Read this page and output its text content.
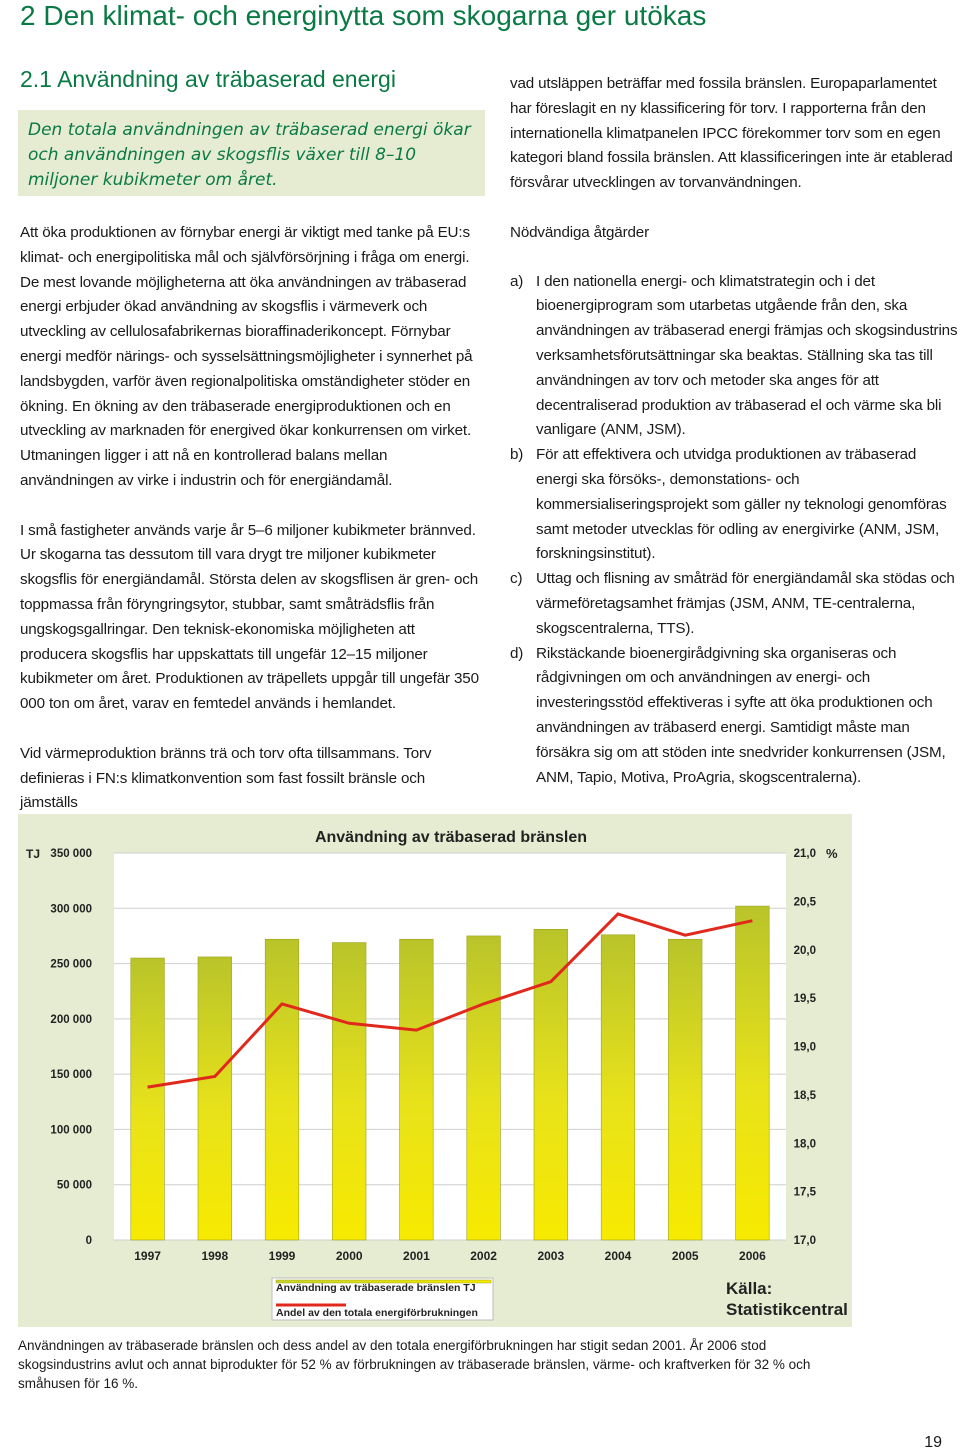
2 Den klimat- och energinytta som skogarna ger utökas
2.1 Användning av träbaserad energi

Den totala användningen av träbaserad energi ökar och användningen av skogsflis växer till 8–10 miljoner kubikmeter om året.

Att öka produktionen av förnybar energi är viktigt med tanke på EU:s klimat- och energipolitiska mål och självförsörjning i fråga om energi. De mest lovande möjligheterna att öka användningen av träbaserad energi erbjuder ökad användning av skogsflis i värmeverk och utveckling av cellulosafabrikernas bioraffinaderikoncept. Förnybar energi medför närings- och sysselsättningsmöjligheter i synnerhet på landsbygden, varför även regionalpolitiska omständigheter stöder en ökning. En ökning av den träbaserade energiproduktionen och en utveckling av marknaden för energived ökar konkurrensen om virket. Utmaningen ligger i att nå en kontrollerad balans mellan användningen av virke i industrin och för energiändamål.

I små fastigheter används varje år 5–6 miljoner kubikmeter brännved. Ur skogarna tas dessutom till vara drygt tre miljoner kubikmeter skogsflis för energiändamål. Största delen av skogsflisen är gren- och toppmassa från föryngringsytor, stubbar, samt småträdsflis från ungskogsgallringar. Den teknisk-ekonomiska möjligheten att producera skogsflis har uppskattats till ungefär 12–15 miljoner kubikmeter om året. Produktionen av träpellets uppgår till ungefär 350 000 ton om året, varav en femtedel används i hemlandet.

Vid värmeproduktion bränns trä och torv ofta tillsammans. Torv definieras i FN:s klimatkonvention som fast fossilt bränsle och jämställs

vad utsläppen beträffar med fossila bränslen. Europaparlamentet har föreslagit en ny klassificering för torv. I rapporterna från den internationella klimatpanelen IPCC förekommer torv som en egen kategori bland fossila bränslen. Att klassificeringen inte är etablerad försvårar utvecklingen av torvanvändningen.

Nödvändiga åtgärder

a) I den nationella energi- och klimatstrategin och i det bioenergiprogram som utarbetas utgående från den, ska användningen av träbaserad energi främjas och skogsindustrins verksamhetsförutsättningar ska beaktas. Ställning ska tas till användningen av torv och metoder ska anges för att decentraliserad produktion av träbaserad el och värme ska bli vanligare (ANM, JSM).
b) För att effektivera och utvidga produktionen av träbaserad energi ska försöks-, demonstations- och kommersialiseringsprojekt som gäller ny teknologi genomföras samt metoder utvecklas för odling av energivirke (ANM, JSM, forskningsinstitut).
c) Uttag och flisning av småträd för energiändamål ska stödas och värmeföretagsamhet främjas (JSM, ANM, TE-centralerna, skogscentralerna, TTS).
d) Rikstäckande bioenergirådgivning ska organiseras och rådgivningen om och användningen av energi- och investeringsstöd effektiveras i syfte att öka produktionen och användningen av träbaserd energi. Samtidigt måste man försäkra sig om att stöden inte snedvrider konkurrensen (JSM, ANM, Tapio, Motiva, ProAgria, skogscentralerna).
350 000
300 000
250 000
200 000
150 000
100 000
50 000
0
21,0
20,5
20,0
19,5
19,0
18,5
18,0
17,5
17,0
1997	1998	1999	2000	2001	2002	2003	2004	2005	2006
Användning av träbaserad bränslen
TJ	%
Användning av träbaserade bränslen TJ
Andel av den totala energiförbrukningen
Källa: Statistikcentral
Användningen av träbaserade bränslen och dess andel av den totala energiförbrukningen har stigit sedan 2001. År 2006 stod skogsindustrins avlut och annat biprodukter för 52 % av förbrukningen av träbaserade bränslen, värme- och kraftverken för 32 % och småhusen för 16 %.
19
